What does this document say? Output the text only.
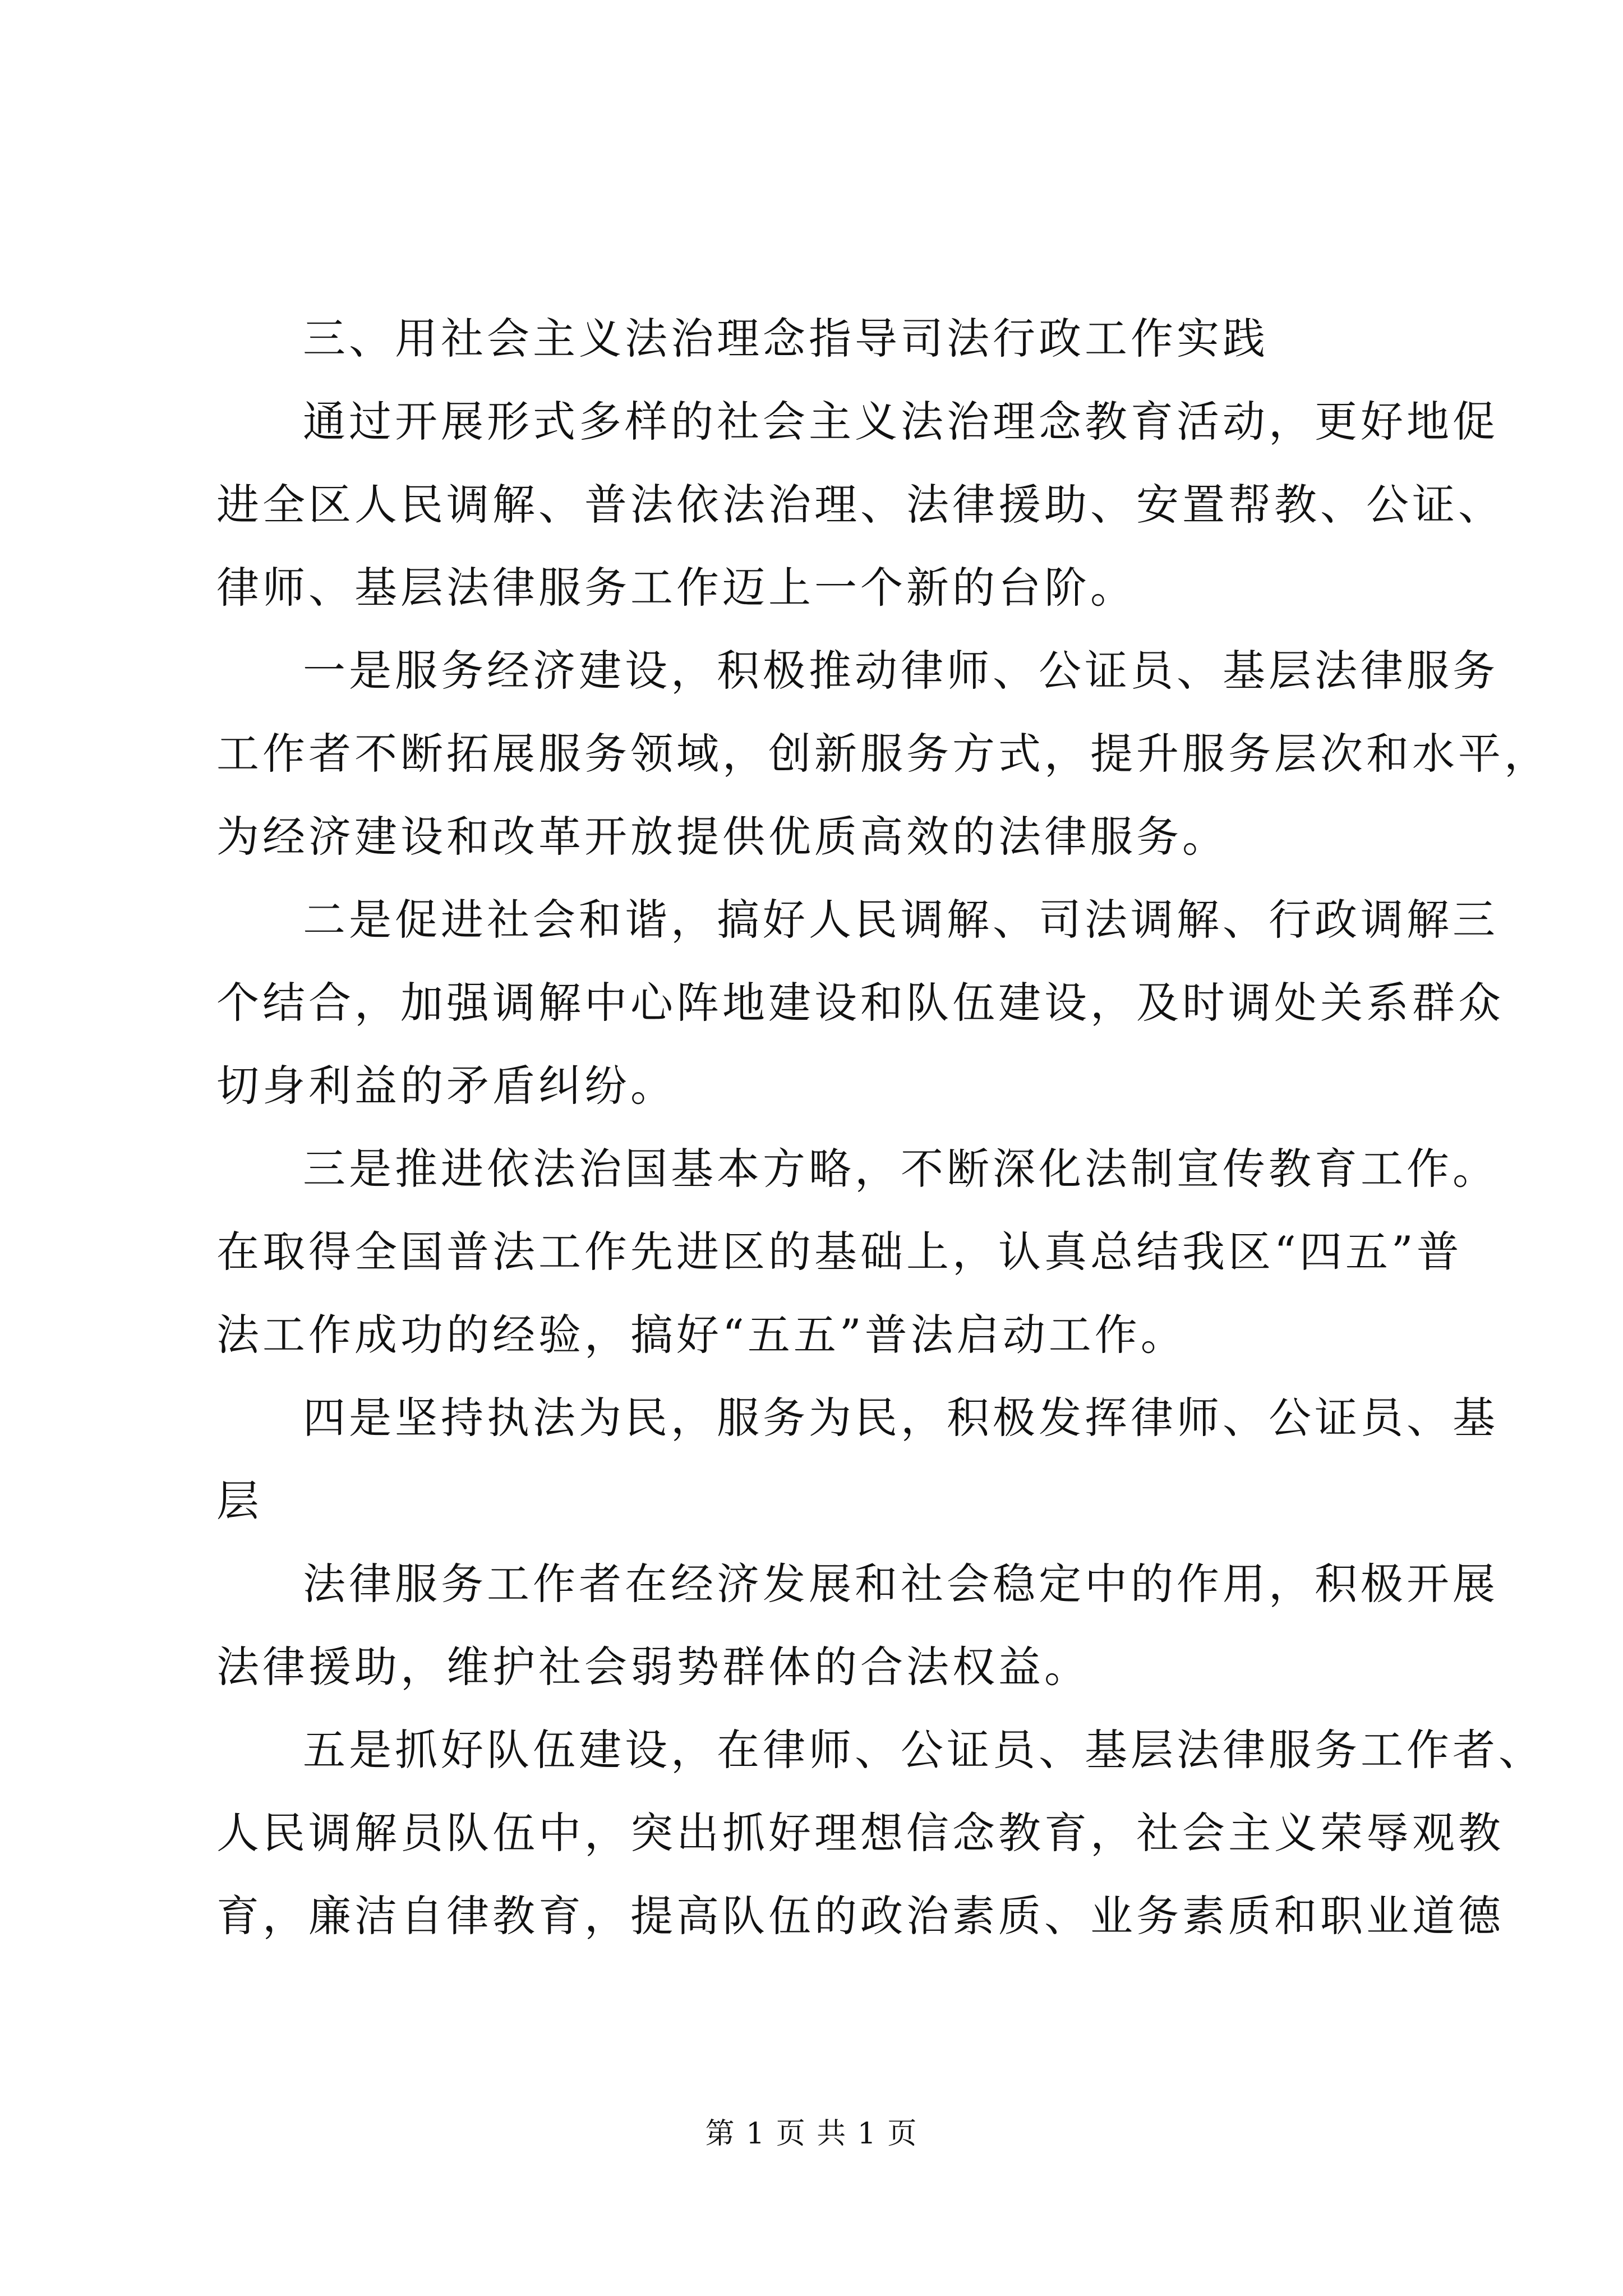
三、用社会主义法治理念指导司法行政工作实践
通过开展形式多样的社会主义法治理念教育活动，更好地促
进全区人民调解、普法依法治理、法律援助、安置帮教、公证、
律师、基层法律服务工作迈上一个新的台阶。
一是服务经济建设，积极推动律师、公证员、基层法律服务
工作者不断拓展服务领域，创新服务方式，提升服务层次和水平，
为经济建设和改革开放提供优质高效的法律服务。
二是促进社会和谐，搞好人民调解、司法调解、行政调解三
个结合，加强调解中心阵地建设和队伍建设，及时调处关系群众
切身利益的矛盾纠纷。
三是推进依法治国基本方略，不断深化法制宣传教育工作。
在取得全国普法工作先进区的基础上，认真总结我区“四五”普
法工作成功的经验，搞好“五五”普法启动工作。
四是坚持执法为民，服务为民，积极发挥律师、公证员、基
层
法律服务工作者在经济发展和社会稳定中的作用，积极开展
法律援助，维护社会弱势群体的合法权益。
五是抓好队伍建设，在律师、公证员、基层法律服务工作者、
人民调解员队伍中，突出抓好理想信念教育，社会主义荣辱观教
育，廉洁自律教育，提高队伍的政治素质、业务素质和职业道德
第 1 页 共 1 页
